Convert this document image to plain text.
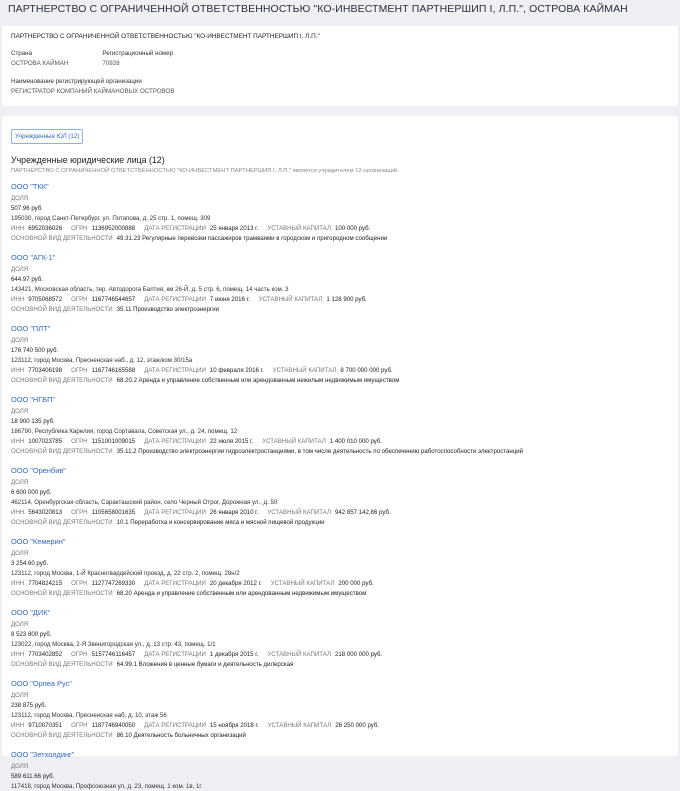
ПАРТНЕРСТВО С ОГРАНИЧЕННОЙ ОТВЕТСТВЕННОСТЬЮ "КО-ИНВЕСТМЕНТ ПАРТНЕРШИП I, Л.П.", ОСТРОВА КАЙМАН
ПАРТНЕРСТВО С ОГРАНИЧЕННОЙ ОТВЕТСТВЕННОСТЬЮ "КО-ИНВЕСТМЕНТ ПАРТНЕРШИП I, Л.П."
Страна
ОСТРОВА КАЙМАН
Регистрационный номер
70928
Наименование регистрирующей организации
РЕГИСТРАТОР КОМПАНИЙ КАЙМАНОВЫХ ОСТРОВОВ
Учрежденные ЮЛ (12)
Учрежденные юридические лица (12)
ПАРТНЕРСТВО С ОГРАНИЧЕННОЙ ОТВЕТСТВЕННОСТЬЮ "КО-ИНВЕСТМЕНТ ПАРТНЕРШИП I, Л.П." является учредителем 12 организаций.
ООО "ТКК"
ДОЛЯ
507.96 руб.
195030, город Санкт-Петербург, ул. Потапова, д. 25 стр. 1, помещ. 309
ИНН 6952036026 ОГРН 1136952000888 ДАТА РЕГИСТРАЦИИ 25 января 2013 г. УСТАВНЫЙ КАПИТАЛ 100 000 руб.
ОСНОВНОЙ ВИД ДЕЯТЕЛЬНОСТИ 49.31.23 Регулярные перевозки пассажиров трамваями в городском и пригородном сообщении
ООО "АГК-1"
ДОЛЯ
644.97 руб.
143421, Московская область, тер. Автодорога Балтия, км 26-Й, д. 5 стр. 6, помещ. 14 часть ком. 3
ИНН 9705068572 ОГРН 1167746544657 ДАТА РЕГИСТРАЦИИ 7 июня 2016 г. УСТАВНЫЙ КАПИТАЛ 1 128 900 руб.
ОСНОВНОЙ ВИД ДЕЯТЕЛЬНОСТИ 35.11 Производство электроэнергии
ООО "ПЛТ"
ДОЛЯ
176 740 500 руб.
123112, город Москва, Пресненская наб., д. 12, этаж/ком 30/15а
ИНН 7703406198 ОГРН 1167746165588 ДАТА РЕГИСТРАЦИИ 10 февраля 2016 г. УСТАВНЫЙ КАПИТАЛ 8 700 000 000 руб.
ОСНОВНОЙ ВИД ДЕЯТЕЛЬНОСТИ 68.20.2 Аренда и управление собственным или арендованным нежилым недвижимым имуществом
ООО "НГБП"
ДОЛЯ
18 900 135 руб.
186790, Республика Карелия, город Сортавала, Советская ул., д. 24, помещ. 12
ИНН 1007023785 ОГРН 1151001009015 ДАТА РЕГИСТРАЦИИ 22 июля 2015 г. УСТАВНЫЙ КАПИТАЛ 1 400 010 000 руб.
ОСНОВНОЙ ВИД ДЕЯТЕЛЬНОСТИ 35.11.2 Производство электроэнергии гидроэлектростанциями, в том числе деятельность по обеспечению работоспособности электростанций
ООО "Оренбив"
ДОЛЯ
6 600 000 руб.
462114, Оренбургская область, Саракташский район, село Черный Отрог, Дорожная ул., д. 50
ИНН 5643020813 ОГРН 1105658001635 ДАТА РЕГИСТРАЦИИ 26 января 2010 г. УСТАВНЫЙ КАПИТАЛ 942 857 142,86 руб.
ОСНОВНОЙ ВИД ДЕЯТЕЛЬНОСТИ 10.1 Переработка и консервирование мяса и мясной пищевой продукции
ООО "Кемерин"
ДОЛЯ
3 254.60 руб.
123112, город Москва, 1-Й Красногвардейский проезд, д. 22 стр. 2, помещ. 28н/2
ИНН 7704824215 ОГРН 1127747269330 ДАТА РЕГИСТРАЦИИ 20 декабря 2012 г. УСТАВНЫЙ КАПИТАЛ 200 000 руб.
ОСНОВНОЙ ВИД ДЕЯТЕЛЬНОСТИ 68.20 Аренда и управление собственным или арендованным недвижимым имуществом
ООО "ДИК"
ДОЛЯ
8 523 800 руб.
123022, город Москва, 2-Я Звенигородская ул., д. 13 стр. 43, помещ. 1/1
ИНН 7703402852 ОГРН 5157746116457 ДАТА РЕГИСТРАЦИИ 1 декабря 2015 г. УСТАВНЫЙ КАПИТАЛ 218 000 000 руб.
ОСНОВНОЙ ВИД ДЕЯТЕЛЬНОСТИ 64.99.1 Вложения в ценные бумаги и деятельность дилерская
ООО "Орпеа Рус"
ДОЛЯ
238 875 руб.
123112, город Москва, Пресненская наб, д. 10, этаж 56
ИНН 9710070351 ОГРН 1187746940050 ДАТА РЕГИСТРАЦИИ 15 ноября 2018 г. УСТАВНЫЙ КАПИТАЛ 26 250 000 руб.
ОСНОВНОЙ ВИД ДЕЯТЕЛЬНОСТИ 86.10 Деятельность больничных организаций
ООО "Зетхолдинг"
ДОЛЯ
589 611.66 руб.
117418, город Москва, Профсоюзная ул, д. 23, помещ. 1 ком. 1в, 1г
